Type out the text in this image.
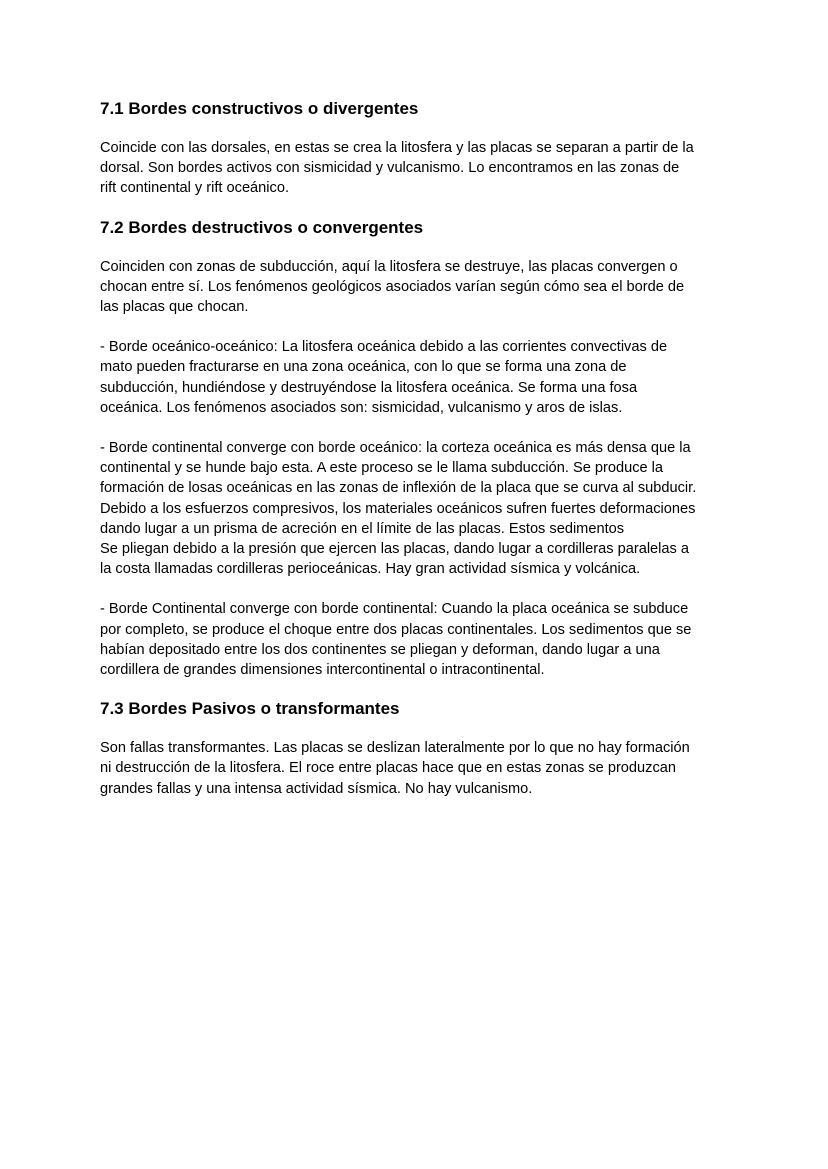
7.1 Bordes constructivos o divergentes

Coincide con las dorsales, en estas se crea la litosfera y las placas se separan a partir de la
dorsal. Son bordes activos con sismicidad y vulcanismo. Lo encontramos en las zonas de
rift continental y rift oceánico.

7.2 Bordes destructivos o convergentes

Coinciden con zonas de subducción, aquí la litosfera se destruye, las placas convergen o
chocan entre sí. Los fenómenos geológicos asociados varían según cómo sea el borde de
las placas que chocan.

- Borde oceánico-oceánico: La litosfera oceánica debido a las corrientes convectivas de
mato pueden fracturarse en una zona oceánica, con lo que se forma una zona de
subducción, hundiéndose y destruyéndose la litosfera oceánica. Se forma una fosa
oceánica. Los fenómenos asociados son: sismicidad, vulcanismo y aros de islas.

- Borde continental converge con borde oceánico: la corteza oceánica es más densa que la
continental y se hunde bajo esta. A este proceso se le llama subducción. Se produce la
formación de losas oceánicas en las zonas de inflexión de la placa que se curva al subducir.
Debido a los esfuerzos compresivos, los materiales oceánicos sufren fuertes deformaciones
dando lugar a un prisma de acreción en el límite de las placas. Estos sedimentos
Se pliegan debido a la presión que ejercen las placas, dando lugar a cordilleras paralelas a
la costa llamadas cordilleras perioceánicas. Hay gran actividad sísmica y volcánica.

- Borde Continental converge con borde continental: Cuando la placa oceánica se subduce
por completo, se produce el choque entre dos placas continentales. Los sedimentos que se
habían depositado entre los dos continentes se pliegan y deforman, dando lugar a una
cordillera de grandes dimensiones intercontinental o intracontinental.

7.3 Bordes Pasivos o transformantes

Son fallas transformantes. Las placas se deslizan lateralmente por lo que no hay formación
ni destrucción de la litosfera. El roce entre placas hace que en estas zonas se produzcan
grandes fallas y una intensa actividad sísmica. No hay vulcanismo.
